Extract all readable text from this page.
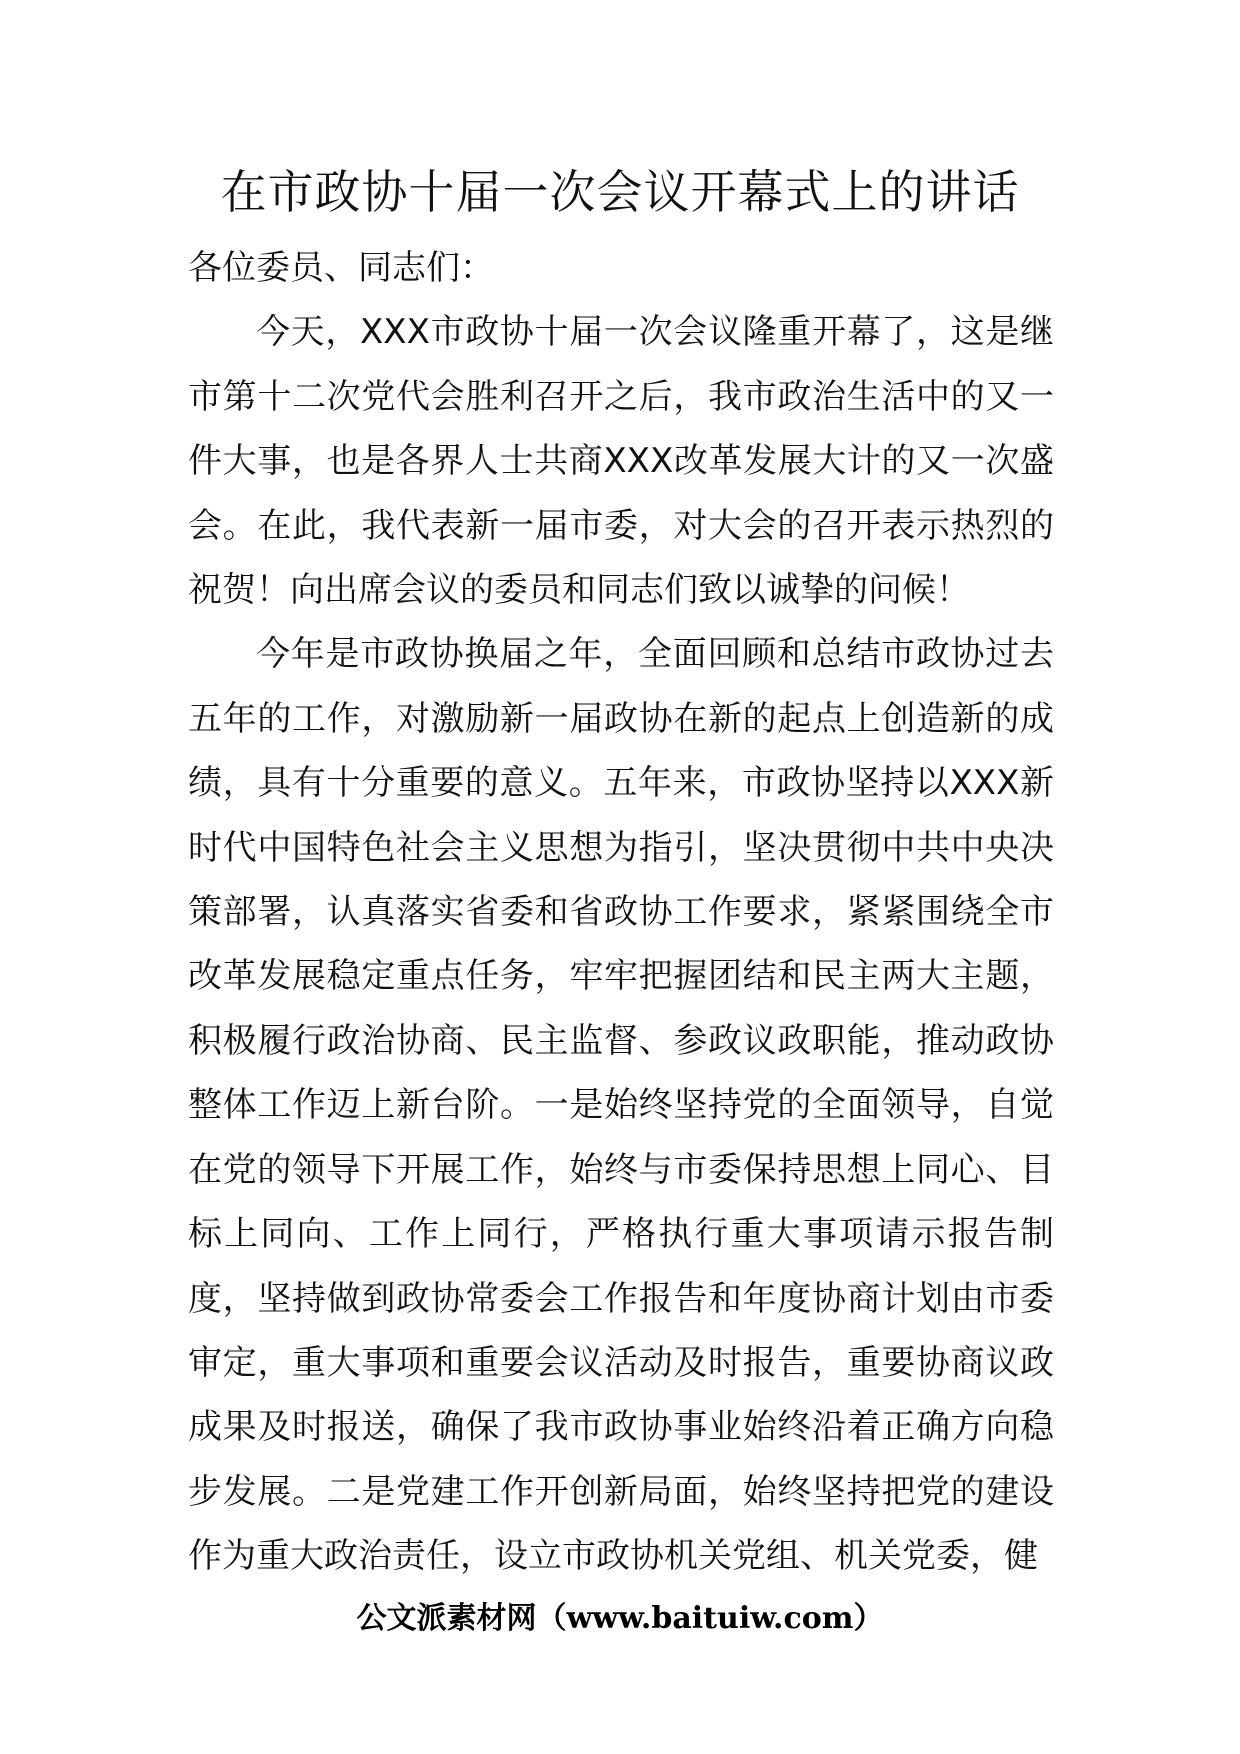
在市政协十届一次会议开幕式上的讲话

各位委员、同志们：

今天，XXX市政协十届一次会议隆重开幕了，这是继市第十二次党代会胜利召开之后，我市政治生活中的又一件大事，也是各界人士共商XXX改革发展大计的又一次盛会。在此，我代表新一届市委，对大会的召开表示热烈的祝贺！向出席会议的委员和同志们致以诚挚的问候！

今年是市政协换届之年，全面回顾和总结市政协过去五年的工作，对激励新一届政协在新的起点上创造新的成绩，具有十分重要的意义。五年来，市政协坚持以XXX新时代中国特色社会主义思想为指引，坚决贯彻中共中央决策部署，认真落实省委和省政协工作要求，紧紧围绕全市改革发展稳定重点任务，牢牢把握团结和民主两大主题，积极履行政治协商、民主监督、参政议政职能，推动政协整体工作迈上新台阶。一是始终坚持党的全面领导，自觉在党的领导下开展工作，始终与市委保持思想上同心、目标上同向、工作上同行，严格执行重大事项请示报告制度，坚持做到政协常委会工作报告和年度协商计划由市委审定，重大事项和重要会议活动及时报告，重要协商议政成果及时报送，确保了我市政协事业始终沿着正确方向稳步发展。二是党建工作开创新局面，始终坚持把党的建设作为重大政治责任，设立市政协机关党组、机关党委，健

公文派素材网（www.baituiw.com）
